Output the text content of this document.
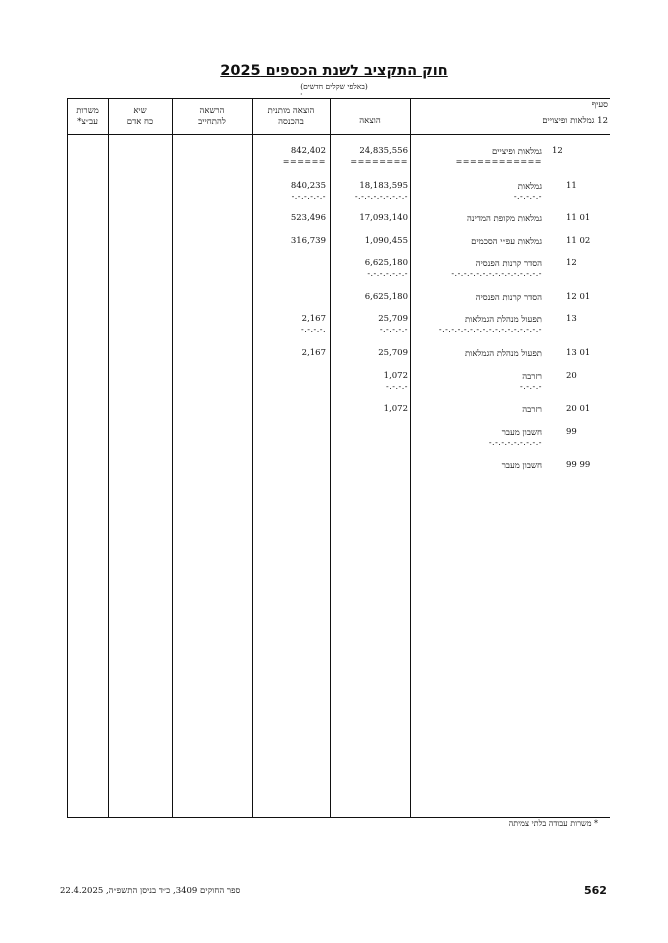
חוק התקציב לשנת הכספים 2025
(באלפי שקלים חדשים)
·
סעיף
12 גמלאות ופיצויים
הוצאה
הוצאה מותנית
בהכנסה
הרשאה
להתחייב
שיא
כח אדם
משרות
עב״צ*
12
גמלאות ופיציים
============
24,835,556
========
842,402
======
11
גמלאות
-.-.-.-.-
18,183,595
-.-.-.-.-.-.-.-.-
840,235
-.-.-.-.-.-
11 01
גמלאות מקופת המדינה
17,093,140
523,496
11 02
גמלאות עפ״י הסכמים
1,090,455
316,739
12
הסדר קרנות הפנסיה
-.-.-.-.-.-.-.-.-.-.-.-.-.-.-
6,625,180
-.-.-.-.-.-.-
12 01
הסדר קרנות הפנסיה
6,625,180
13
תפעול מנהלת הגמלאות
-.-.-.-.-.-.-.-.-.-.-.-.-.-.-.-.-
25,709
-.-.-.-.-
2,167
-.-.-.-.
13 01
תפעול מנהלת הגמלאות
25,709
2,167
20
רזרבה
-.-.-.-
1,072
-.-.-.-
20 01
רזרבה
1,072
99
חשבון מעבר
-.-.-.-.-.-.-.-.-
99 99
חשבון מעבר
* משרות עבודה בלתי צמיתה
562
ספר החוקים 3409, כ״ד בניסן התשפ״ה, 22.4.2025
